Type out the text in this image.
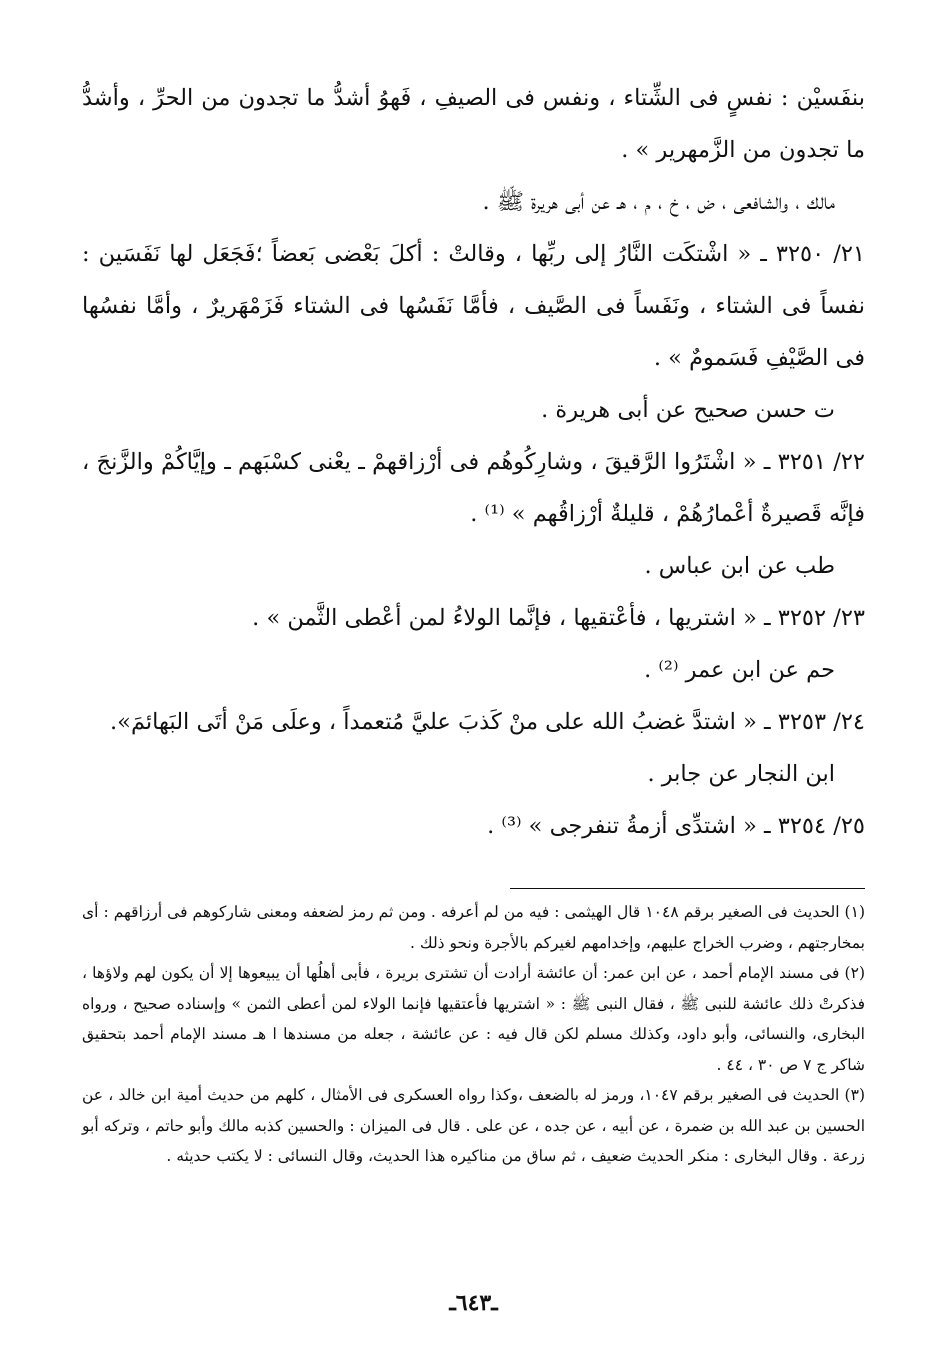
بنفَسيْن : نفسٍ فى الشِّتاء ، ونفس فى الصيفِ ، فَهوُ أشدُّ ما تجدون من الحرِّ ، وأشدُّ ما تجدون من الزَّمهرير » .

مالك ، والشافعى ، ض ، خ ، م ، هـ عن أبى هريرة ﷺ .

٢١/ ٣٢٥٠ ـ « اشْتكَت النَّارُ إلى ربِّها ، وقالتْ : أكلَ بَعْضى بَعضاً ؛فَجَعَل لها نَفَسَين : نفساً فى الشتاء ، ونَفَساً فى الصَّيف ، فأمَّا نَفَسُها فى الشتاء فَزَمْهَريرٌ ، وأمَّا نفسُها فى الصَّيْفِ فَسَمومٌ » .

ت حسن صحيح عن أبى هريرة .

٢٢/ ٣٢٥١ ـ « اشْتَرُوا الرَّقيقَ ، وشارِكُوهُم فى أرْزاقهمْ ـ يعْنى كسْبَهم ـ وإيَّاكُمْ والزَّنجَ ، فإنَّه قَصيرةٌ أعْمارُهُمْ ، قليلةٌ أرْزاقُهم » ⁽¹⁾ .

طب عن ابن عباس .

٢٣/ ٣٢٥٢ ـ « اشتريها ، فأعْتقيها ، فإنَّما الولاءُ لمن أعْطى الثَّمن » .

حم عن ابن عمر ⁽²⁾ .

٢٤/ ٣٢٥٣ ـ « اشتدَّ غضبُ الله على منْ كَذبَ عليَّ مُتعمداً ، وعلَى مَنْ أتَى البَهائمَ».

ابن النجار عن جابر .

٢٥/ ٣٢٥٤ ـ « اشتدِّى أزمةُ تنفرجى » ⁽³⁾ .

(١) الحديث فى الصغير برقم ١٠٤٨ قال الهيثمى : فيه من لم أعرفه . ومن ثم رمز لضعفه ومعنى شاركوهم فى أرزاقهم : أى بمخارجتهم ، وضرب الخراج عليهم، وإخدامهم لغيركم بالأجرة ونحو ذلك .

(٢) فى مسند الإمام أحمد ، عن ابن عمر: أن عائشة أرادت أن تشترى بريرة ، فأبى أهلُها أن يبيعوها إلا أن يكون لهم ولاؤها ، فذكرتْ ذلك عائشة للنبى ﷺ ، فقال النبى ﷺ : « اشتريها فأعتقيها فإنما الولاء لمن أعطى الثمن » وإسناده صحيح ، ورواه البخارى، والنسائى، وأبو داود، وكذلك مسلم لكن قال فيه : عن عائشة ، جعله من مسندها ا هـ مسند الإمام أحمد بتحقيق شاكر ج ٧ ص ٣٠ ، ٤٤ .

(٣) الحديث فى الصغير برقم ١٠٤٧، ورمز له بالضعف ،وكذا رواه العسكرى فى الأمثال ، كلهم من حديث أمية ابن خالد ، عن الحسين بن عبد الله بن ضمرة ، عن أبيه ، عن جده ، عن على . قال فى الميزان : والحسين كذبه مالك وأبو حاتم ، وتركه أبو زرعة . وقال البخارى : منكر الحديث ضعيف ، ثم ساق من مناكيره هذا الحديث، وقال النسائى : لا يكتب حديثه .

ـ٦٤٣ـ
